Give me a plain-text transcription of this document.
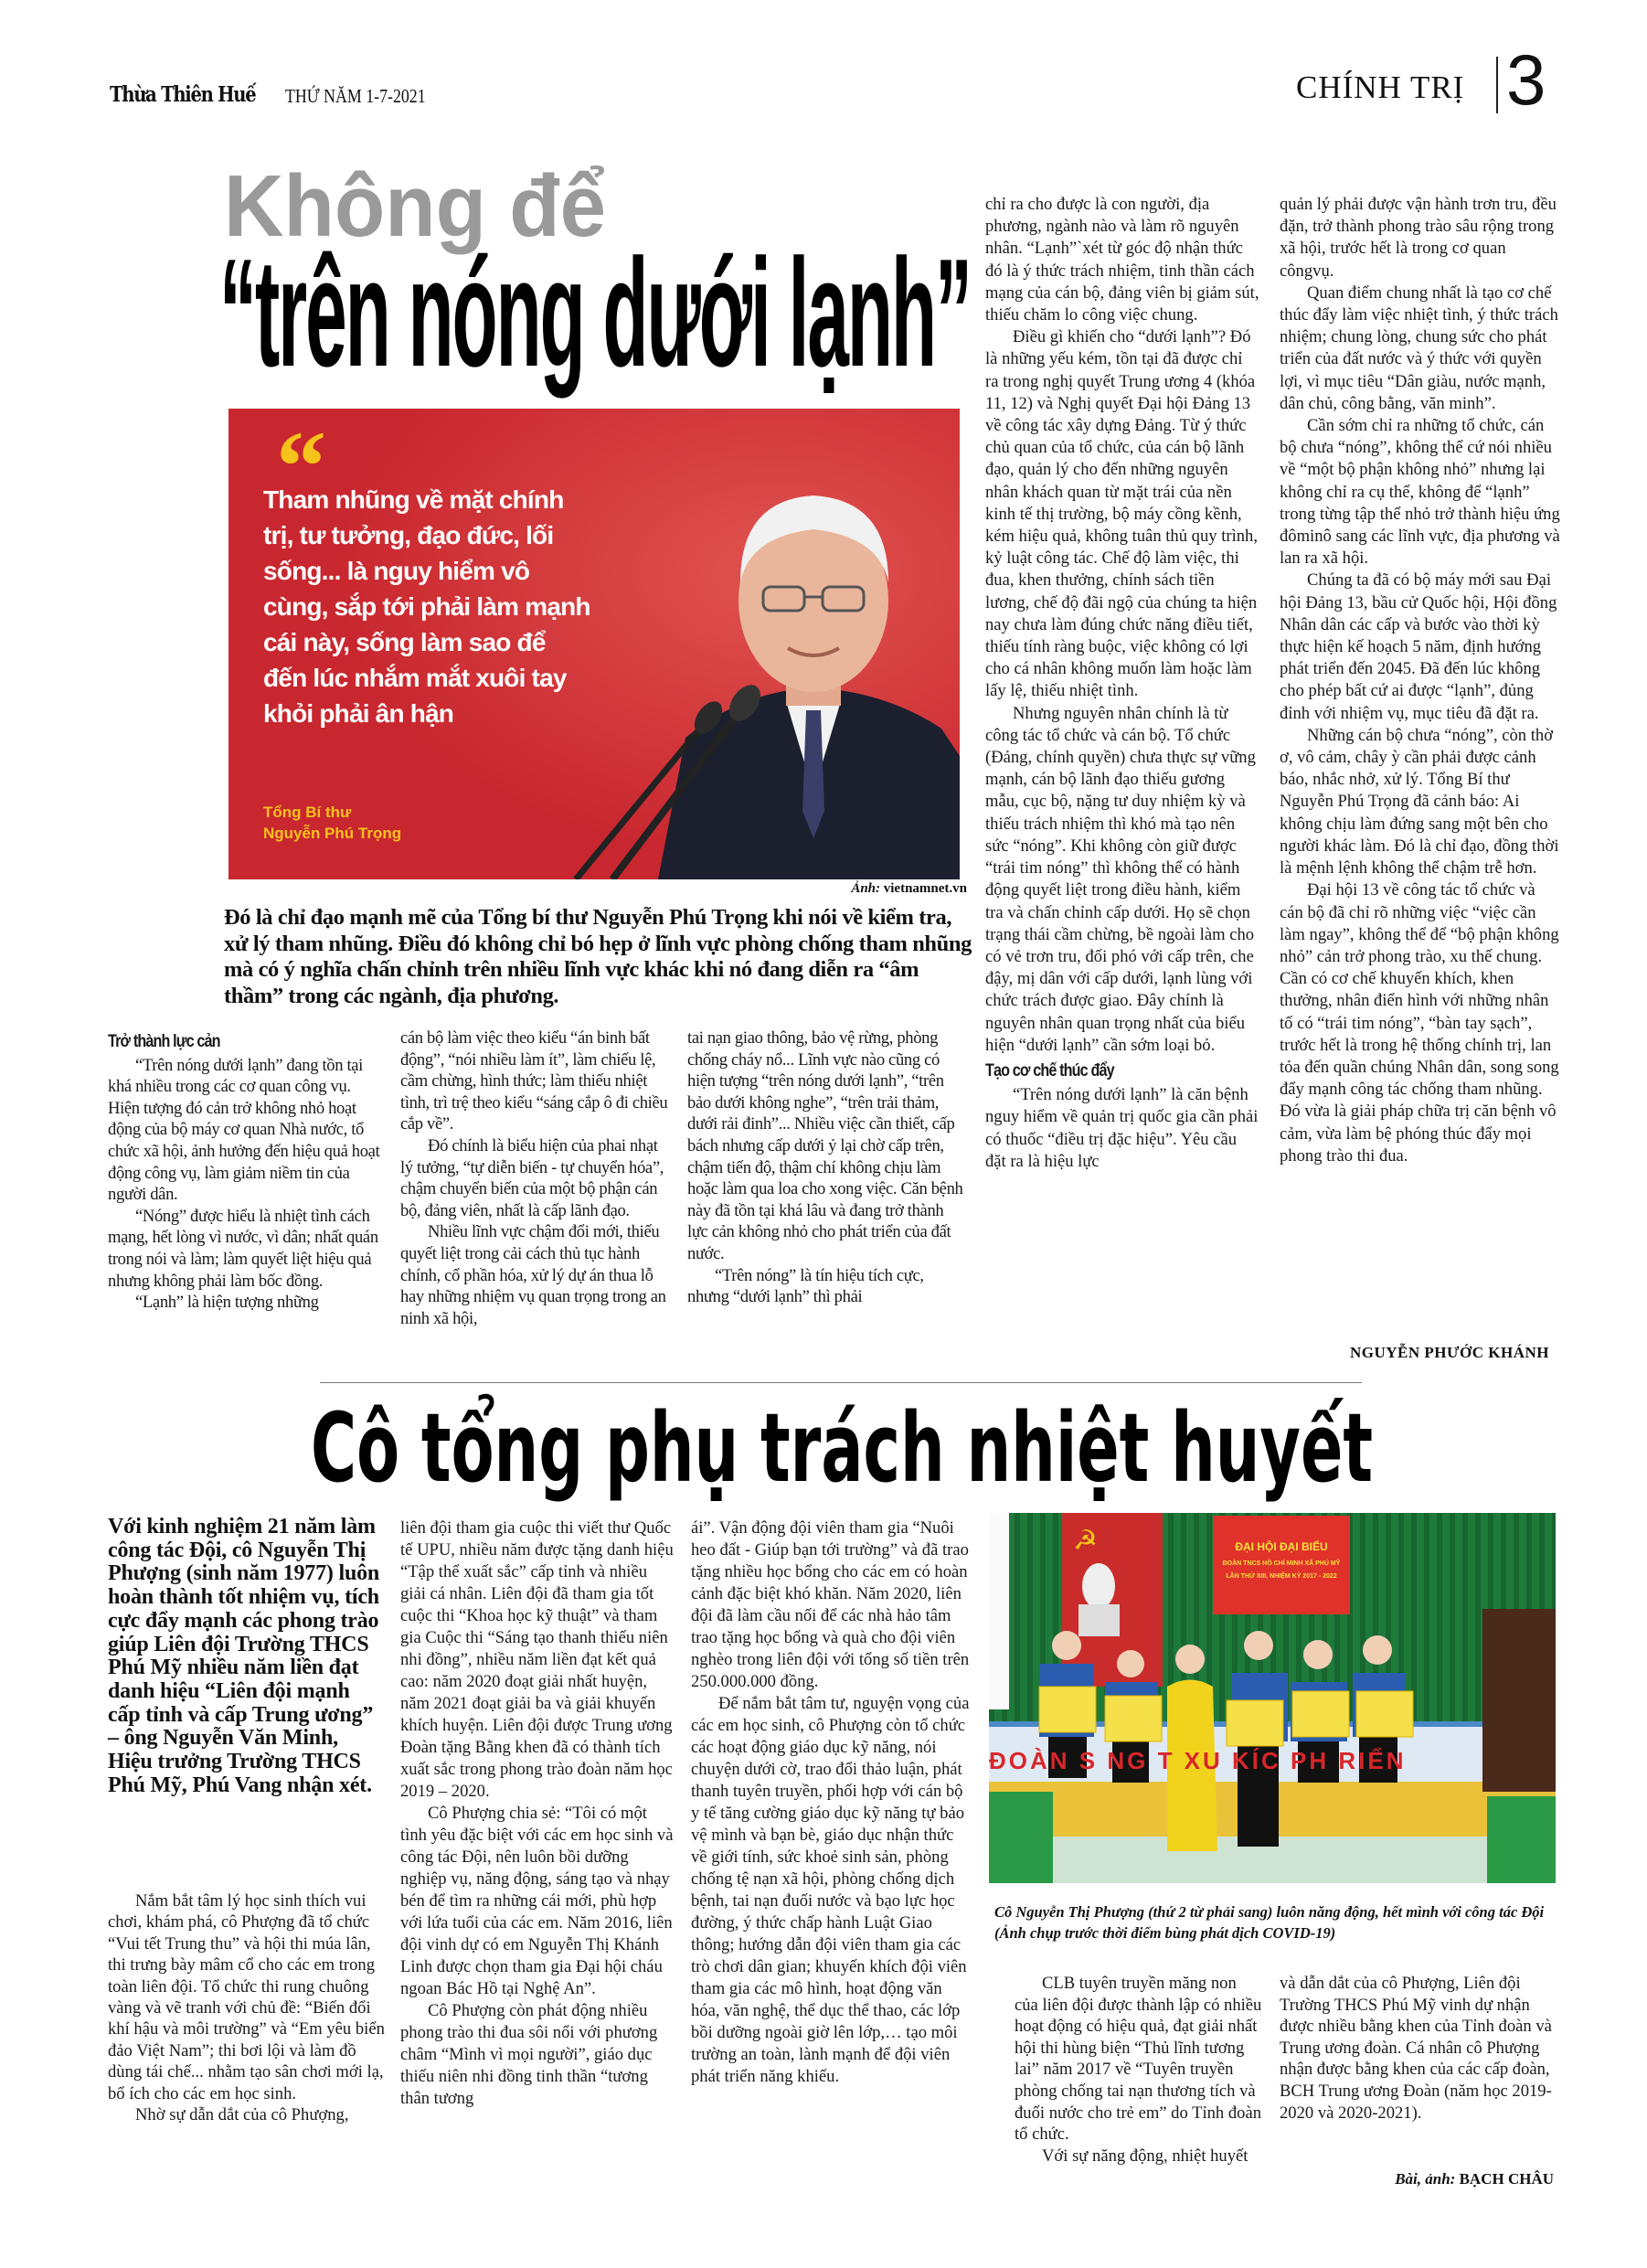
Thừa Thiên Huế THỨ NĂM 1-7-2021	CHÍNH TRỊ 3
Không để
“trên nóng dưới lạnh”
“
Tham nhũng về mặt chính trị, tư tưởng, đạo đức, lối sống... là nguy hiểm vô cùng, sắp tới phải làm mạnh cái này, sống làm sao để đến lúc nhắm mắt xuôi tay khỏi phải ân hận
Tổng Bí thư
Nguyễn Phú Trọng
Ảnh: vietnamnet.vn
Đó là chỉ đạo mạnh mẽ của Tổng bí thư Nguyễn Phú Trọng khi nói về kiểm tra, xử lý tham nhũng. Điều đó không chỉ bó hẹp ở lĩnh vực phòng chống tham nhũng mà có ý nghĩa chấn chỉnh trên nhiều lĩnh vực khác khi nó đang diễn ra “âm thầm” trong các ngành, địa phương.
Trở thành lực cản

“Trên nóng dưới lạnh” đang tồn tại khá nhiều trong các cơ quan công vụ. Hiện tượng đó cản trở không nhỏ hoạt động của bộ máy cơ quan Nhà nước, tổ chức xã hội, ảnh hưởng đến hiệu quả hoạt động công vụ, làm giảm niềm tin của người dân.

“Nóng” được hiểu là nhiệt tình cách mạng, hết lòng vì nước, vì dân; nhất quán trong nói và làm; làm quyết liệt hiệu quả nhưng không phải làm bốc đồng.

“Lạnh” là hiện tượng những

cán bộ làm việc theo kiểu “án binh bất động”, “nói nhiều làm ít”, làm chiếu lệ, cầm chừng, hình thức; làm thiếu nhiệt tình, trì trệ theo kiểu “sáng cắp ô đi chiều cắp về”.

Đó chính là biểu hiện của phai nhạt lý tưởng, “tự diễn biến - tự chuyển hóa”, chậm chuyển biến của một bộ phận cán bộ, đảng viên, nhất là cấp lãnh đạo.

Nhiều lĩnh vực chậm đổi mới, thiếu quyết liệt trong cải cách thủ tục hành chính, cổ phần hóa, xử lý dự án thua lỗ hay những nhiệm vụ quan trọng trong an ninh xã hội,

tai nạn giao thông, bảo vệ rừng, phòng chống cháy nổ... Lĩnh vực nào cũng có hiện tượng “trên nóng dưới lạnh”, “trên bảo dưới không nghe”, “trên trải thảm, dưới rải đinh”... Nhiều việc cần thiết, cấp bách nhưng cấp dưới ỷ lại chờ cấp trên, chậm tiến độ, thậm chí không chịu làm hoặc làm qua loa cho xong việc. Căn bệnh này đã tồn tại khá lâu và đang trở thành lực cản không nhỏ cho phát triển của đất nước.

“Trên nóng” là tín hiệu tích cực, nhưng “dưới lạnh” thì phải

chỉ ra cho được là con người, địa phương, ngành nào và làm rõ nguyên nhân. “Lạnh”`xét từ góc độ nhận thức đó là ý thức trách nhiệm, tinh thần cách mạng của cán bộ, đảng viên bị giảm sút, thiếu chăm lo công việc chung.

Điều gì khiến cho “dưới lạnh”? Đó là những yếu kém, tồn tại đã được chỉ ra trong nghị quyết Trung ương 4 (khóa 11, 12) và Nghị quyết Đại hội Đảng 13 về công tác xây dựng Đảng. Từ ý thức chủ quan của tổ chức, của cán bộ lãnh đạo, quản lý cho đến những nguyên nhân khách quan từ mặt trái của nền kinh tế thị trường, bộ máy cồng kềnh, kém hiệu quả, không tuân thủ quy trình, kỷ luật công tác. Chế độ làm việc, thi đua, khen thưởng, chính sách tiền lương, chế độ đãi ngộ của chúng ta hiện nay chưa làm đúng chức năng điều tiết, thiếu tính ràng buộc, việc không có lợi cho cá nhân không muốn làm hoặc làm lấy lệ, thiếu nhiệt tình.

Nhưng nguyên nhân chính là từ công tác tổ chức và cán bộ. Tổ chức (Đảng, chính quyền) chưa thực sự vững mạnh, cán bộ lãnh đạo thiếu gương mẫu, cục bộ, nặng tư duy nhiệm kỳ và thiếu trách nhiệm thì khó mà tạo nên sức “nóng”. Khi không còn giữ được “trái tim nóng” thì không thể có hành động quyết liệt trong điều hành, kiểm tra và chấn chỉnh cấp dưới. Họ sẽ chọn trạng thái cầm chừng, bề ngoài làm cho có vẻ trơn tru, đối phó với cấp trên, che đậy, mị dân với cấp dưới, lạnh lùng với chức trách được giao. Đây chính là nguyên nhân quan trọng nhất của biểu hiện “dưới lạnh” cần sớm loại bỏ.

Tạo cơ chế thúc đẩy

“Trên nóng dưới lạnh” là căn bệnh nguy hiểm về quản trị quốc gia cần phải có thuốc “điều trị đặc hiệu”. Yêu cầu đặt ra là hiệu lực

quản lý phải được vận hành trơn tru, đều đặn, trở thành phong trào sâu rộng trong xã hội, trước hết là trong cơ quan côngvụ.

Quan điểm chung nhất là tạo cơ chế thúc đẩy làm việc nhiệt tình, ý thức trách nhiệm; chung lòng, chung sức cho phát triển của đất nước và ý thức với quyền lợi, vì mục tiêu “Dân giàu, nước mạnh, dân chủ, công bằng, văn minh”.

Cần sớm chỉ ra những tổ chức, cán bộ chưa “nóng”, không thể cứ nói nhiều về “một bộ phận không nhỏ” nhưng lại không chỉ ra cụ thể, không để “lạnh” trong từng tập thể nhỏ trở thành hiệu ứng đôminô sang các lĩnh vực, địa phương và lan ra xã hội.

Chúng ta đã có bộ máy mới sau Đại hội Đảng 13, bầu cử Quốc hội, Hội đồng Nhân dân các cấp và bước vào thời kỳ thực hiện kế hoạch 5 năm, định hướng phát triển đến 2045. Đã đến lúc không cho phép bất cứ ai được “lạnh”, đủng đỉnh với nhiệm vụ, mục tiêu đã đặt ra.

Những cán bộ chưa “nóng”, còn thờ ơ, vô cảm, chây ỳ cần phải được cảnh báo, nhắc nhở, xử lý. Tổng Bí thư Nguyễn Phú Trọng đã cảnh báo: Ai không chịu làm đứng sang một bên cho người khác làm. Đó là chỉ đạo, đồng thời là mệnh lệnh không thể chậm trễ hơn.

Đại hội 13 về công tác tổ chức và cán bộ đã chỉ rõ những việc “việc cần làm ngay”, không thể để “bộ phận không nhỏ” cản trở phong trào, xu thế chung. Cần có cơ chế khuyến khích, khen thưởng, nhân điển hình với những nhân tố có “trái tim nóng”, “bàn tay sạch”, trước hết là trong hệ thống chính trị, lan tỏa đến quần chúng Nhân dân, song song đẩy mạnh công tác chống tham nhũng. Đó vừa là giải pháp chữa trị căn bệnh vô cảm, vừa làm bệ phóng thúc đẩy mọi phong trào thi đua.

NGUYỄN PHƯỚC KHÁNH
Cô tổng phụ trách nhiệt huyết
Với kinh nghiệm 21 năm làm công tác Đội, cô Nguyễn Thị Phượng (sinh năm 1977) luôn hoàn thành tốt nhiệm vụ, tích cực đẩy mạnh các phong trào giúp Liên đội Trường THCS Phú Mỹ nhiều năm liền đạt danh hiệu “Liên đội mạnh cấp tỉnh và cấp Trung ương” – ông Nguyễn Văn Minh, Hiệu trưởng Trường THCS Phú Mỹ, Phú Vang nhận xét.

Nắm bắt tâm lý học sinh thích vui chơi, khám phá, cô Phượng đã tổ chức “Vui tết Trung thu” và hội thi múa lân, thi trưng bày mâm cổ cho các em trong toàn liên đội. Tổ chức thi rung chuông vàng và vẽ tranh với chủ đề: “Biến đổi khí hậu và môi trường” và “Em yêu biển đảo Việt Nam”; thi bơi lội và làm đồ dùng tái chế... nhằm tạo sân chơi mới lạ, bổ ích cho các em học sinh.

Nhờ sự dẫn dắt của cô Phượng,

liên đội tham gia cuộc thi viết thư Quốc tế UPU, nhiều năm được tặng danh hiệu “Tập thể xuất sắc” cấp tỉnh và nhiều giải cá nhân. Liên đội đã tham gia tốt cuộc thi “Khoa học kỹ thuật” và tham gia Cuộc thi “Sáng tạo thanh thiếu niên nhi đồng”, nhiều năm liền đạt kết quả cao: năm 2020 đoạt giải nhất huyện, năm 2021 đoạt giải ba và giải khuyến khích huyện. Liên đội được Trung ương Đoàn tặng Bằng khen đã có thành tích xuất sắc trong phong trào đoàn năm học 2019 – 2020.

Cô Phượng chia sẻ: “Tôi có một tình yêu đặc biệt với các em học sinh và công tác Đội, nên luôn bồi dưỡng nghiệp vụ, năng động, sáng tạo và nhạy bén để tìm ra những cái mới, phù hợp với lứa tuổi của các em. Năm 2016, liên đội vinh dự có em Nguyễn Thị Khánh Linh được chọn tham gia Đại hội cháu ngoan Bác Hồ tại Nghệ An”.

Cô Phượng còn phát động nhiều phong trào thi đua sôi nổi với phương châm “Mình vì mọi người”, giáo dục thiếu niên nhi đồng tinh thần “tương thân tương

ái”. Vận động đội viên tham gia “Nuôi heo đất - Giúp bạn tới trường” và đã trao tặng nhiều học bổng cho các em có hoàn cảnh đặc biệt khó khăn. Năm 2020, liên đội đã làm cầu nối để các nhà hảo tâm trao tặng học bổng và quà cho đội viên nghèo trong liên đội với tổng số tiền trên 250.000.000 đồng.

Để nắm bắt tâm tư, nguyện vọng của các em học sinh, cô Phượng còn tổ chức các hoạt động giáo dục kỹ năng, nói chuyện dưới cờ, trao đổi thảo luận, phát thanh tuyên truyền, phối hợp với cán bộ y tế tăng cường giáo dục kỹ năng tự bảo vệ mình và bạn bè, giáo dục nhận thức về giới tính, sức khoẻ sinh sản, phòng chống tệ nạn xã hội, phòng chống dịch bệnh, tai nạn đuối nước và bạo lực học đường, ý thức chấp hành Luật Giao thông; hướng dẫn đội viên tham gia các trò chơi dân gian; khuyến khích đội viên tham gia các mô hình, hoạt động văn hóa, văn nghệ, thể dục thể thao, các lớp bồi dưỡng ngoài giờ lên lớp,… tạo môi trường an toàn, lành mạnh để đội viên phát triển năng khiếu.

☭	ĐẠI HỘI ĐẠI BIỂU
ĐOÀN TNCS HỒ CHÍ MINH XÃ PHÚ MỸ
LẦN THỨ XIII, NHIỆM KỲ 2017 - 2022
ĐOÀN S NG T XU KÍC PH RIỂN
Cô Nguyễn Thị Phượng (thứ 2 từ phải sang) luôn năng động, hết mình với công tác Đội (Ảnh chụp trước thời điểm bùng phát dịch COVID-19)

CLB tuyên truyền măng non của liên đội được thành lập có nhiều hoạt động có hiệu quả, đạt giải nhất hội thi hùng biện “Thủ lĩnh tương lai” năm 2017 về “Tuyên truyền phòng chống tai nạn thương tích và đuối nước cho trẻ em” do Tỉnh đoàn tổ chức.

Với sự năng động, nhiệt huyết

và dẫn dắt của cô Phượng, Liên đội Trường THCS Phú Mỹ vinh dự nhận được nhiều bằng khen của Tỉnh đoàn và Trung ương đoàn. Cá nhân cô Phượng nhận được bằng khen của các cấp đoàn, BCH Trung ương Đoàn (năm học 2019-2020 và 2020-2021).

Bài, ảnh: BẠCH CHÂU
